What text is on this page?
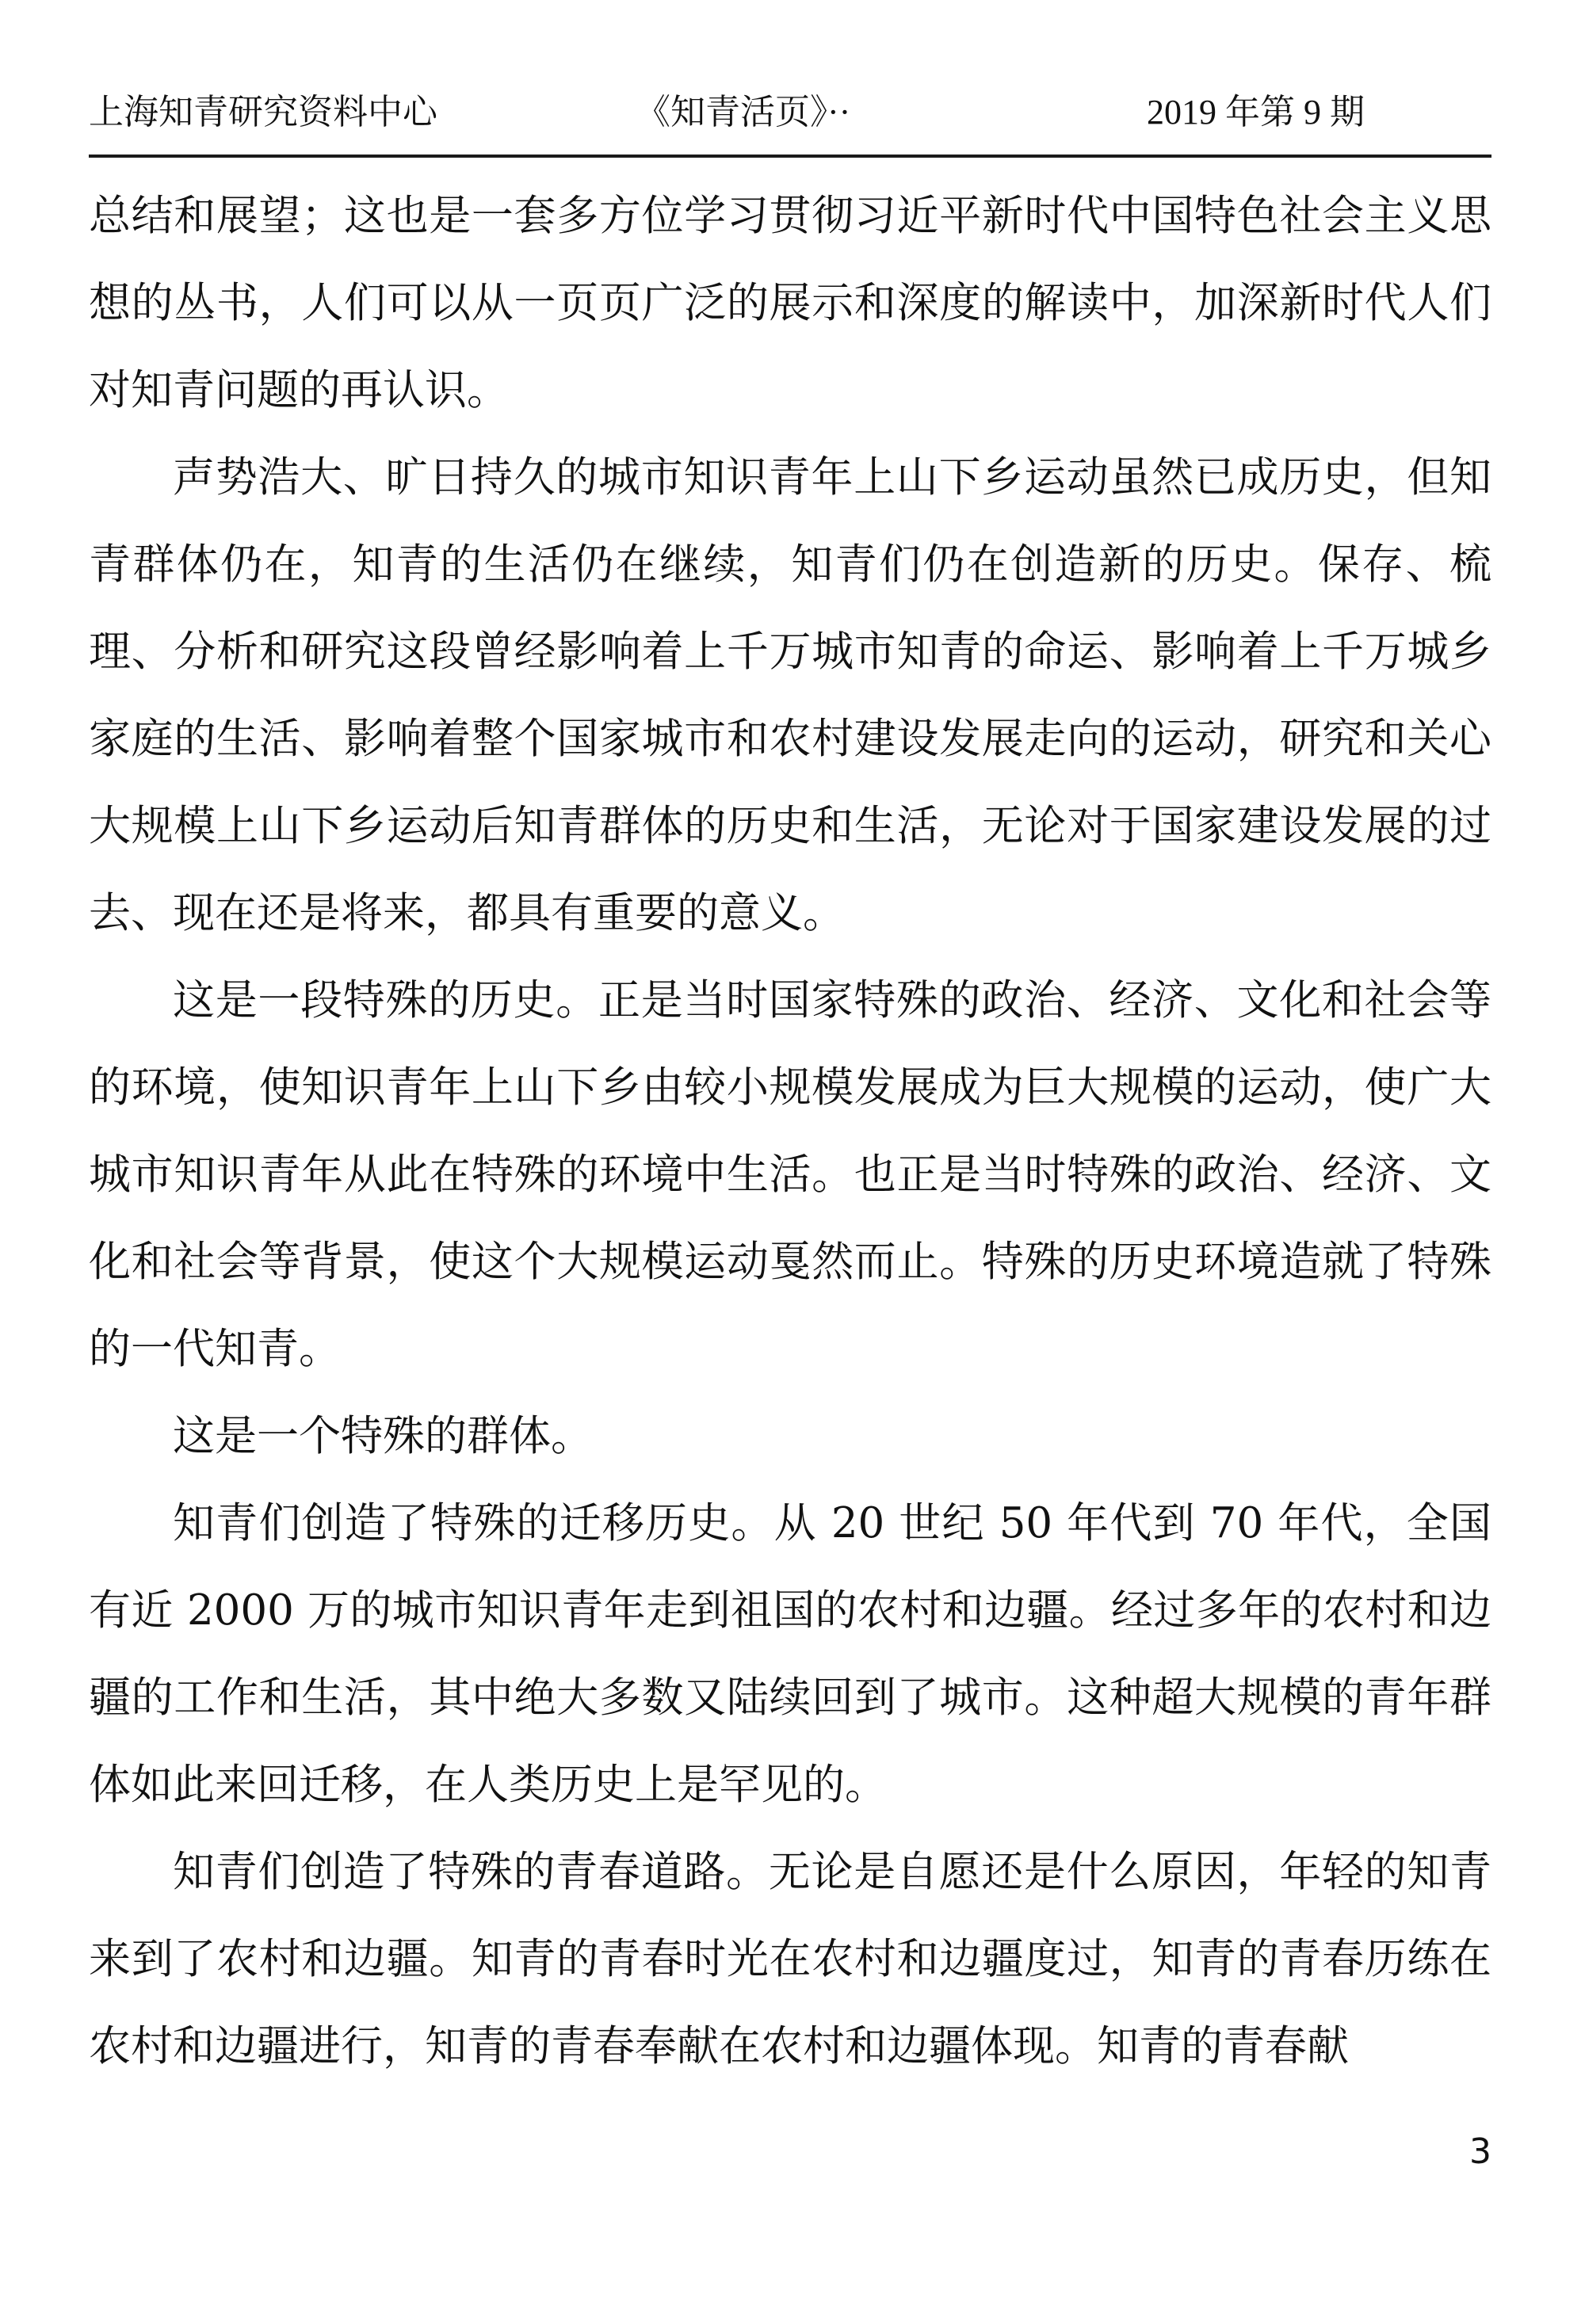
上海知青研究资料中心	《知青活页》··	2019 年第 9 期

总结和展望；这也是一套多方位学习贯彻习近平新时代中国特色社会主义思想的丛书，人们可以从一页页广泛的展示和深度的解读中，加深新时代人们对知青问题的再认识。

声势浩大、旷日持久的城市知识青年上山下乡运动虽然已成历史，但知青群体仍在，知青的生活仍在继续，知青们仍在创造新的历史。保存、梳理、分析和研究这段曾经影响着上千万城市知青的命运、影响着上千万城乡家庭的生活、影响着整个国家城市和农村建设发展走向的运动，研究和关心大规模上山下乡运动后知青群体的历史和生活，无论对于国家建设发展的过去、现在还是将来，都具有重要的意义。

这是一段特殊的历史。正是当时国家特殊的政治、经济、文化和社会等的环境，使知识青年上山下乡由较小规模发展成为巨大规模的运动，使广大城市知识青年从此在特殊的环境中生活。也正是当时特殊的政治、经济、文化和社会等背景，使这个大规模运动戛然而止。特殊的历史环境造就了特殊的一代知青。

这是一个特殊的群体。

知青们创造了特殊的迁移历史。从 20 世纪 50 年代到 70 年代，全国有近 2000 万的城市知识青年走到祖国的农村和边疆。经过多年的农村和边疆的工作和生活，其中绝大多数又陆续回到了城市。这种超大规模的青年群体如此来回迁移，在人类历史上是罕见的。

知青们创造了特殊的青春道路。无论是自愿还是什么原因，年轻的知青来到了农村和边疆。知青的青春时光在农村和边疆度过，知青的青春历练在农村和边疆进行，知青的青春奉献在农村和边疆体现。知青的青春献

3
